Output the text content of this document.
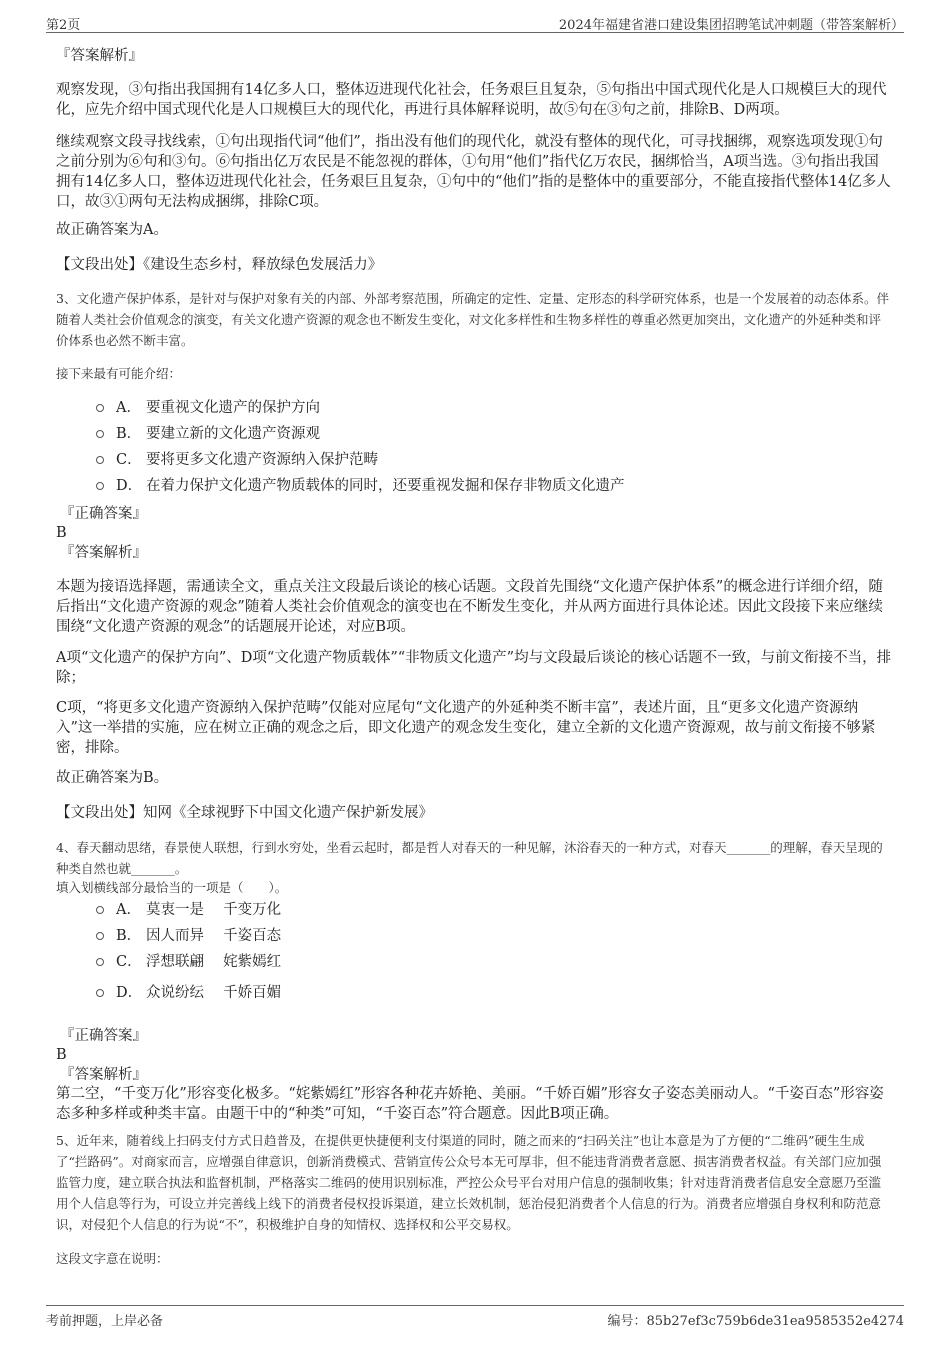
第2页	2024年福建省港口建设集团招聘笔试冲刺题（带答案解析）
『答案解析』

观察发现，③句指出我国拥有14亿多人口，整体迈进现代化社会，任务艰巨且复杂，⑤句指出中国式现代化是人口规模巨大的现代化，应先介绍中国式现代化是人口规模巨大的现代化，再进行具体解释说明，故⑤句在③句之前，排除B、D两项。

继续观察文段寻找线索，①句出现指代词“他们”，指出没有他们的现代化，就没有整体的现代化，可寻找捆绑，观察选项发现①句之前分别为⑥句和③句。⑥句指出亿万农民是不能忽视的群体，①句用“他们”指代亿万农民，捆绑恰当，A项当选。③句指出我国拥有14亿多人口，整体迈进现代化社会，任务艰巨且复杂，①句中的“他们”指的是整体中的重要部分，不能直接指代整体14亿多人口，故③①两句无法构成捆绑，排除C项。

故正确答案为A。
【文段出处】《建设生态乡村，释放绿色发展活力》

3、文化遗产保护体系，是针对与保护对象有关的内部、外部考察范围，所确定的定性、定量、定形态的科学研究体系，也是一个发展着的动态体系。伴随着人类社会价值观念的演变，有关文化遗产资源的观念也不断发生变化，对文化多样性和生物多样性的尊重必然更加突出，文化遗产的外延种类和评价体系也必然不断丰富。

接下来最有可能介绍：
A． 要重视文化遗产的保护方向
B． 要建立新的文化遗产资源观
C． 要将更多文化遗产资源纳入保护范畴
D． 在着力保护文化遗产物质载体的同时，还要重视发掘和保存非物质文化遗产
『正确答案』
B
『答案解析』

本题为接语选择题，需通读全文，重点关注文段最后谈论的核心话题。文段首先围绕“文化遗产保护体系”的概念进行详细介绍，随后指出“文化遗产资源的观念”随着人类社会价值观念的演变也在不断发生变化，并从两方面进行具体论述。因此文段接下来应继续围绕“文化遗产资源的观念”的话题展开论述，对应B项。

A项“文化遗产的保护方向”、D项“文化遗产物质载体”“非物质文化遗产”均与文段最后谈论的核心话题不一致，与前文衔接不当，排除；

C项，“将更多文化遗产资源纳入保护范畴”仅能对应尾句“文化遗产的外延种类不断丰富”，表述片面，且“更多文化遗产资源纳入”这一举措的实施，应在树立正确的观念之后，即文化遗产的观念发生变化，建立全新的文化遗产资源观，故与前文衔接不够紧密，排除。

故正确答案为B。
【文段出处】知网《全球视野下中国文化遗产保护新发展》

4、春天翻动思绪，春景使人联想，行到水穷处，坐看云起时，都是哲人对春天的一种见解，沐浴春天的一种方式，对春天_______的理解，春天呈现的种类自然也就_______。

填入划横线部分最恰当的一项是（　　）。
A． 莫衷一是　 千变万化
B． 因人而异　 千姿百态
C． 浮想联翩　 姹紫嫣红
D． 众说纷纭　 千娇百媚
『正确答案』
B
『答案解析』

第二空，“千变万化”形容变化极多。“姹紫嫣红”形容各种花卉娇艳、美丽。“千娇百媚”形容女子姿态美丽动人。“千姿百态”形容姿态多种多样或种类丰富。由题干中的“种类”可知，“千姿百态”符合题意。因此B项正确。

5、近年来，随着线上扫码支付方式日趋普及，在提供更快捷便利支付渠道的同时，随之而来的“扫码关注”也让本意是为了方便的“二维码”硬生生成了“拦路码”。对商家而言，应增强自律意识，创新消费模式、营销宣传公众号本无可厚非，但不能违背消费者意愿、损害消费者权益。有关部门应加强监管力度，建立联合执法和监督机制，严格落实二维码的使用识别标准，严控公众号平台对用户信息的强制收集；针对违背消费者信息安全意愿乃至滥用个人信息等行为，可设立并完善线上线下的消费者侵权投诉渠道，建立长效机制，惩治侵犯消费者个人信息的行为。消费者应增强自身权利和防范意识，对侵犯个人信息的行为说“不”，积极维护自身的知情权、选择权和公平交易权。

这段文字意在说明：
考前押题，上岸必备	编号：85b27ef3c759b6de31ea9585352e4274
